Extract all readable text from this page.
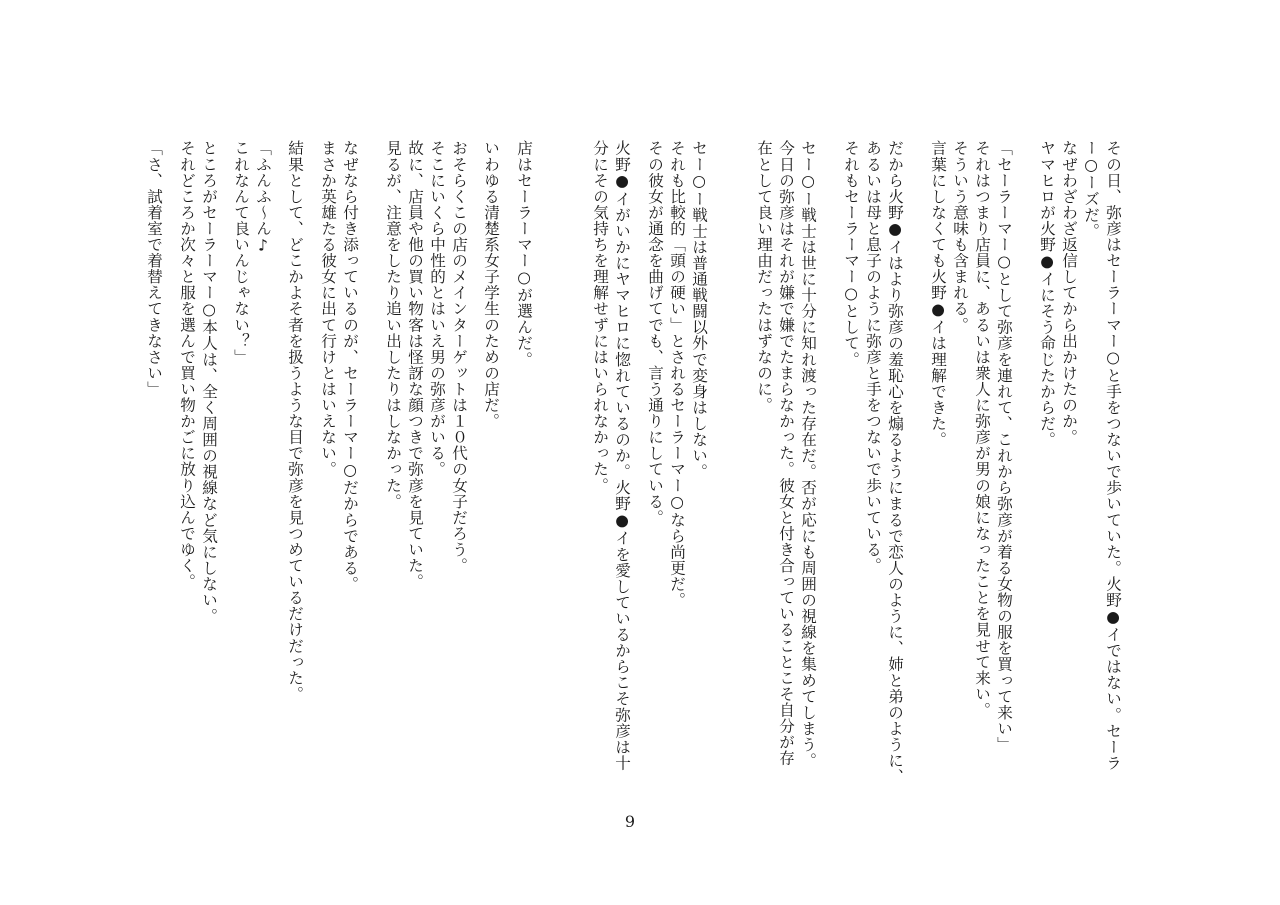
その日、弥彦はセーラーマー○と手をつないで歩いていた。火野●イではない。セーラ
ー○ーズだ。
なぜわざわざ返信してから出かけたのか。
ヤマヒロが火野●イにそう命じたからだ。
「セーラーマー○として弥彦を連れて、これから弥彦が着る女物の服を買って来い」
それはつまり店員に、あるいは衆人に弥彦が男の娘になったことを見せて来い。
そういう意味も含まれる。
言葉にしなくても火野●イは理解できた。
だから火野●イはより弥彦の羞恥心を煽るようにまるで恋人のように、姉と弟のように、
あるいは母と息子のように弥彦と手をつないで歩いている。
それもセーラーマー○として。
セー○ー戦士は世に十分に知れ渡った存在だ。否が応にも周囲の視線を集めてしまう。
今日の弥彦はそれが嫌で嫌でたまらなかった。彼女と付き合っていることこそ自分が存
在として良い理由だったはずなのに。
セー○ー戦士は普通戦闘以外で変身はしない。
それも比較的「頭の硬い」とされるセーラーマー○なら尚更だ。
その彼女が通念を曲げてでも、言う通りにしている。
火野●イがいかにヤマヒロに惚れているのか。火野●イを愛しているからこそ弥彦は十
分にその気持ちを理解せずにはいられなかった。
店はセーラーマー○が選んだ。
いわゆる清楚系女子学生のための店だ。
おそらくこの店のメインターゲットは１０代の女子だろう。
そこにいくら中性的とはいえ男の弥彦がいる。
故に、店員や他の買い物客は怪訝な顔つきで弥彦を見ていた。
見るが、注意をしたり追い出したりはしなかった。
なぜなら付き添っているのが、セーラーマー○だからである。
まさか英雄たる彼女に出て行けとはいえない。
結果として、どこかよそ者を扱うような目で弥彦を見つめているだけだった。
「ふんふ～ん♪
これなんて良いんじゃない？」
ところがセーラーマー○本人は、全く周囲の視線など気にしない。
それどころか次々と服を選んで買い物かごに放り込んでゆく。
「さ、試着室で着替えてきなさい」
9
